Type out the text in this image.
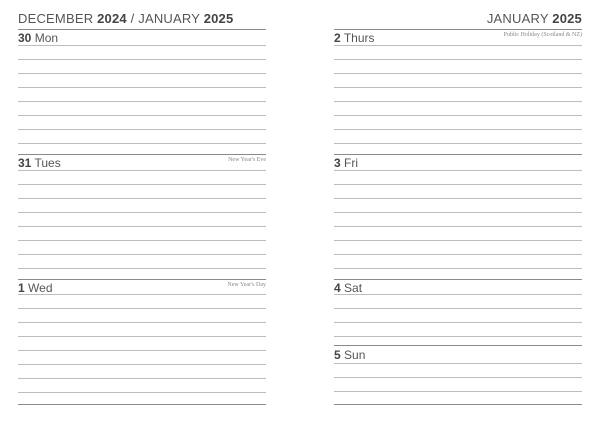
DECEMBER 2024 / JANUARY 2025
30 Mon
31 Tues	New Year's Eve
1 Wed	New Year's Day
JANUARY 2025
2 Thurs	Public Holiday (Scotland & NZ)
3 Fri
4 Sat
5 Sun
